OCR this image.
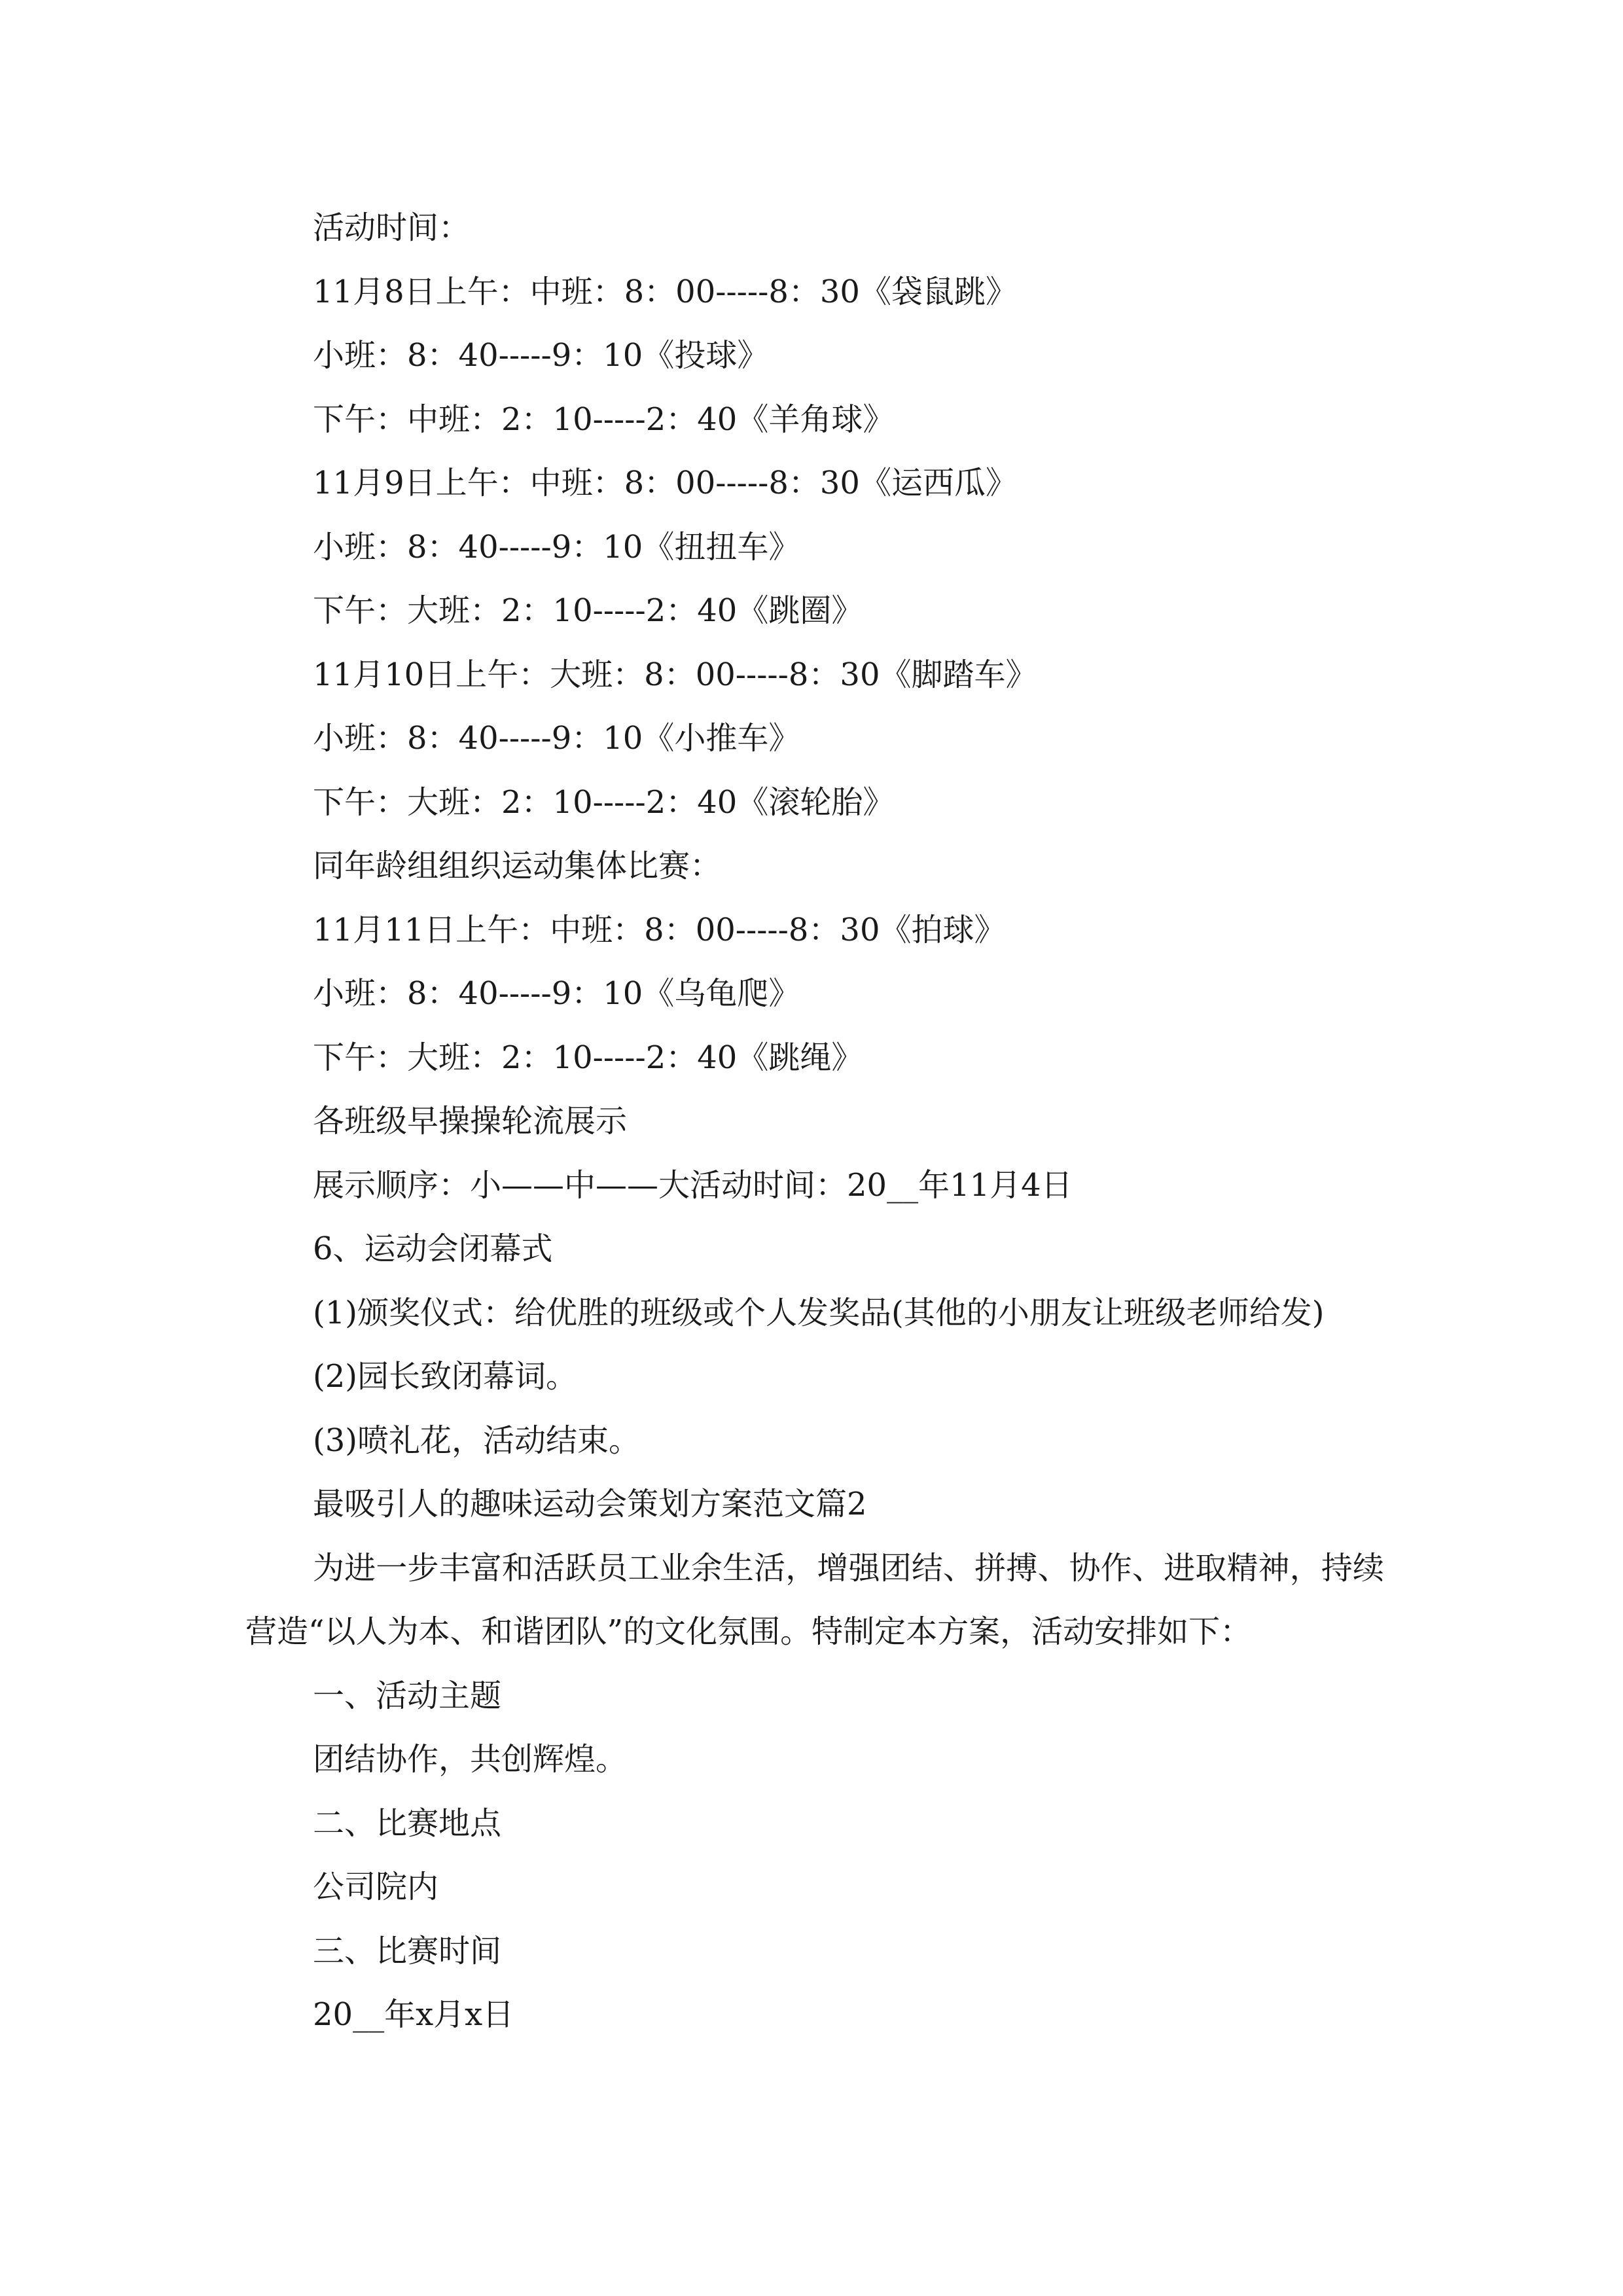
活动时间：
11月8日上午：中班：8：00-----8：30《袋鼠跳》
小班：8：40-----9：10《投球》
下午：中班：2：10-----2：40《羊角球》
11月9日上午：中班：8：00-----8：30《运西瓜》
小班：8：40-----9：10《扭扭车》
下午：大班：2：10-----2：40《跳圈》
11月10日上午：大班：8：00-----8：30《脚踏车》
小班：8：40-----9：10《小推车》
下午：大班：2：10-----2：40《滚轮胎》
同年龄组组织运动集体比赛：
11月11日上午：中班：8：00-----8：30《拍球》
小班：8：40-----9：10《乌龟爬》
下午：大班：2：10-----2：40《跳绳》
各班级早操操轮流展示
展示顺序：小——中——大活动时间：20__年11月4日
6、运动会闭幕式
(1)颁奖仪式：给优胜的班级或个人发奖品(其他的小朋友让班级老师给发)
(2)园长致闭幕词。
(3)喷礼花，活动结束。
最吸引人的趣味运动会策划方案范文篇2
为进一步丰富和活跃员工业余生活，增强团结、拼搏、协作、进取精神，持续营造“以人为本、和谐团队”的文化氛围。特制定本方案，活动安排如下：
一、活动主题
团结协作，共创辉煌。
二、比赛地点
公司院内
三、比赛时间
20__年x月x日
